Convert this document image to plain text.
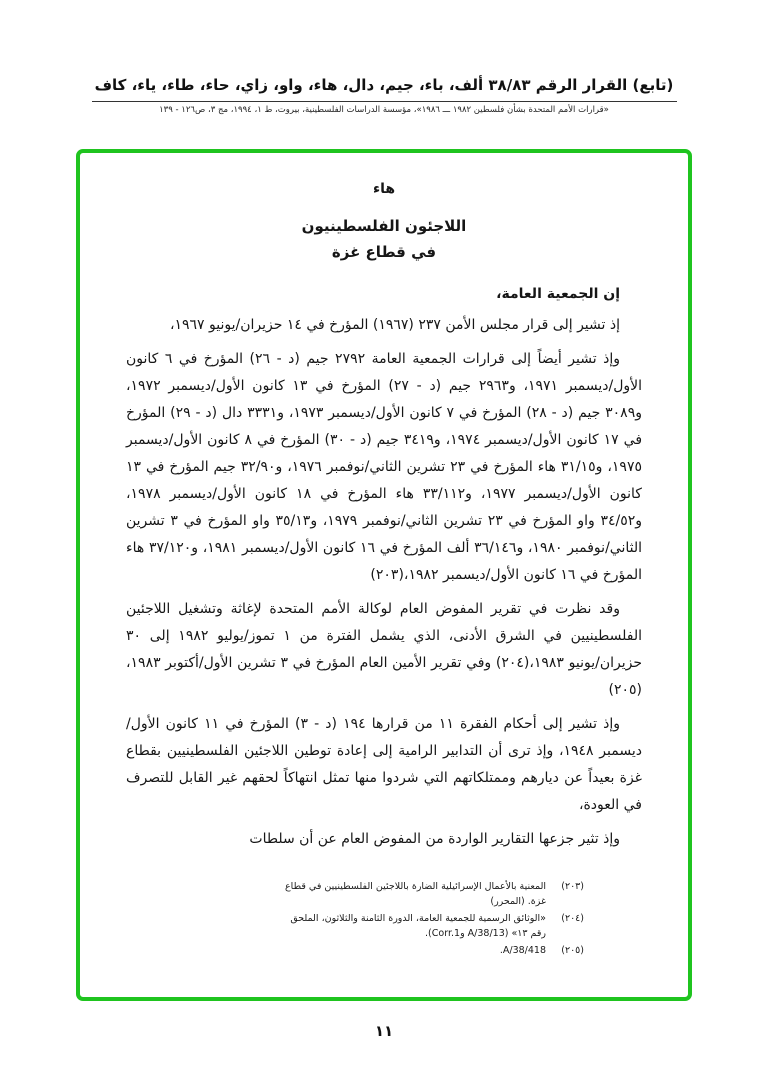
(تابع) القرار الرقم ٣٨/٨٣ ألف، باء، جيم، دال، هاء، واو، زاي، حاء، طاء، ياء، كاف
«قرارات الأمم المتحدة بشأن فلسطين ١٩٨٢ ـــ ١٩٨٦»، مؤسسة الدراسات الفلسطينية، بيروت، ط ١، ١٩٩٤، مج ٣، ص١٢٦ - ١٣٩
هاء
اللاجئون الفلسطينيون
في قطاع غزة

إن الجمعية العامة،

إذ تشير إلى قرار مجلس الأمن ٢٣٧ (١٩٦٧) المؤرخ في ١٤ حزيران/يونيو ١٩٦٧،

وإذ تشير أيضاً إلى قرارات الجمعية العامة ٢٧٩٢ جيم (د - ٢٦) المؤرخ في ٦ كانون الأول/ديسمبر ١٩٧١، و٢٩٦٣ جيم (د - ٢٧) المؤرخ في ١٣ كانون الأول/ديسمبر ١٩٧٢، و٣٠٨٩ جيم (د - ٢٨) المؤرخ في ٧ كانون الأول/ديسمبر ١٩٧٣، و٣٣٣١ دال (د - ٢٩) المؤرخ في ١٧ كانون الأول/ديسمبر ١٩٧٤، و٣٤١٩ جيم (د - ٣٠) المؤرخ في ٨ كانون الأول/ديسمبر ١٩٧٥، و٣١/١٥ هاء المؤرخ في ٢٣ تشرين الثاني/نوفمبر ١٩٧٦، و٣٢/٩٠ جيم المؤرخ في ١٣ كانون الأول/ديسمبر ١٩٧٧، و٣٣/١١٢ هاء المؤرخ في ١٨ كانون الأول/ديسمبر ١٩٧٨، و٣٤/٥٢ واو المؤرخ في ٢٣ تشرين الثاني/نوفمبر ١٩٧٩، و٣٥/١٣ واو المؤرخ في ٣ تشرين الثاني/نوفمبر ١٩٨٠، و٣٦/١٤٦ ألف المؤرخ في ١٦ كانون الأول/ديسمبر ١٩٨١، و٣٧/١٢٠ هاء المؤرخ في ١٦ كانون الأول/ديسمبر ١٩٨٢،(٢٠٣)

وقد نظرت في تقرير المفوض العام لوكالة الأمم المتحدة لإغاثة وتشغيل اللاجئين الفلسطينيين في الشرق الأدنى، الذي يشمل الفترة من ١ تموز/يوليو ١٩٨٢ إلى ٣٠ حزيران/يونيو ١٩٨٣،(٢٠٤) وفي تقرير الأمين العام المؤرخ في ٣ تشرين الأول/أكتوبر ١٩٨٣،(٢٠٥)

وإذ تشير إلى أحكام الفقرة ١١ من قرارها ١٩٤ (د - ٣) المؤرخ في ١١ كانون الأول/ديسمبر ١٩٤٨، وإذ ترى أن التدابير الرامية إلى إعادة توطين اللاجئين الفلسطينيين بقطاع غزة بعيداً عن ديارهم وممتلكاتهم التي شردوا منها تمثل انتهاكاً لحقهم غير القابل للتصرف في العودة،

وإذ تثير جزعها التقارير الواردة من المفوض العام عن أن سلطات

(٢٠٣)
المعنية بالأعمال الإسرائيلية الضارة باللاجئين الفلسطينيين في قطاع غزة. (المحرر)
(٢٠٤)
«الوثائق الرسمية للجمعية العامة، الدورة الثامنة والثلاثون، الملحق رقم ١٣» (A/38/13 وCorr.1).
(٢٠٥)
A/38/418.
١١
